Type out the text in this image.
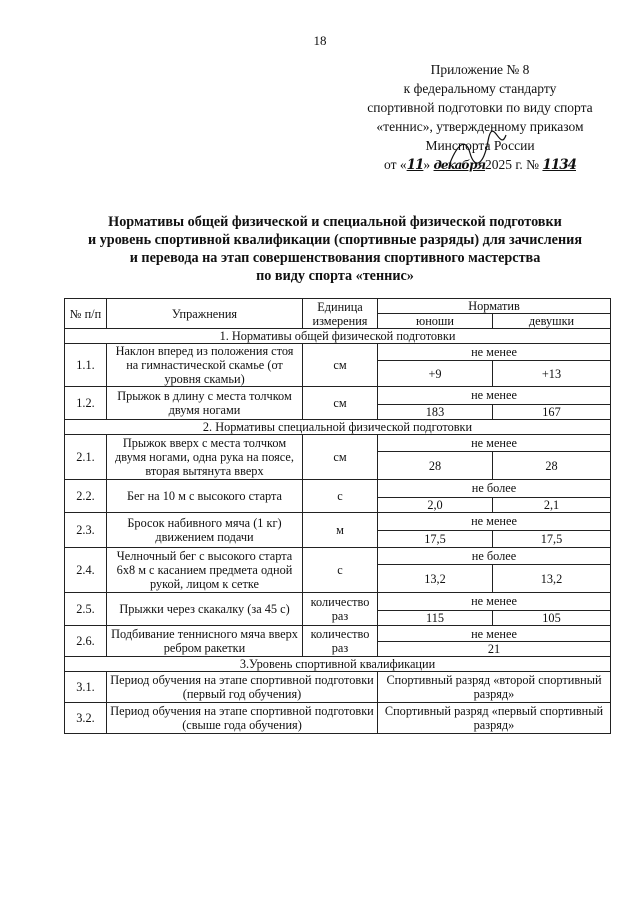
18
Приложение № 8
к федеральному стандарту
спортивной подготовки по виду спорта
«теннис», утвержденному приказом
Минспорта России
от «11» декабря2025 г. № 1134
Нормативы общей физической и специальной физической подготовки
и уровень спортивной квалификации (спортивные разряды) для зачисления
и перевода на этап совершенствования спортивного мастерства
по виду спорта «теннис»
№ п/п	Упражнения	Единица измерения	Норматив	
			юноши	девушки
1. Нормативы общей физической подготовки				
1.1.	Наклон вперед из положения стоя на гимнастической скамье (от уровня скамьи)	см	не менее	
			+9	+13
1.2.	Прыжок в длину с места толчком двумя ногами	см	не менее	
			183	167
2. Нормативы специальной физической подготовки				
2.1.	Прыжок вверх с места толчком двумя ногами, одна рука на поясе, вторая вытянута вверх	см	не менее	
			28	28
2.2.	Бег на 10 м с высокого старта	с	не более	
			2,0	2,1
2.3.	Бросок набивного мяча (1 кг) движением подачи	м	не менее	
			17,5	17,5
2.4.	Челночный бег с высокого старта 6х8 м с касанием предмета одной рукой, лицом к сетке	с	не более	
			13,2	13,2
2.5.	Прыжки через скакалку (за 45 с)	количество раз	не менее	
			115	105
2.6.	Подбивание теннисного мяча вверх ребром ракетки	количество раз	не менее	
			21	
3.Уровень спортивной квалификации				
3.1.	Период обучения на этапе спортивной подготовки (первый год обучения)		Спортивный разряд «второй спортивный разряд»	
3.2.	Период обучения на этапе спортивной подготовки (свыше года обучения)		Спортивный разряд «первый спортивный разряд»	
